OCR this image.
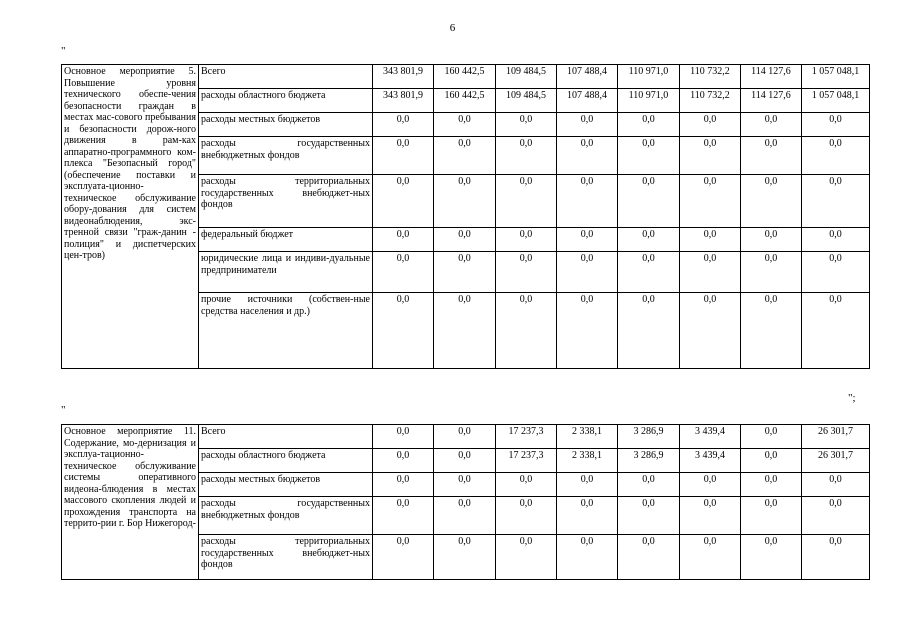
6
"
";
"
Основное мероприятие 5. Повышение уровня технического обеспе-чения безопасности граждан в местах мас-сового пребывания и безопасности дорож-ного движения в рам-ках аппаратно-программного ком-плекса "Безопасный город" (обеспечение поставки и эксплуата-ционно-техническое обслуживание обору-дования для систем видеонаблюдения, экс-тренной связи "граж-данин - полиция" и диспетчерских цен-тров)	Всего	343 801,9	160 442,5	109 484,5	107 488,4	110 971,0	110 732,2	114 127,6	1 057 048,1
	расходы областного бюджета	343 801,9	160 442,5	109 484,5	107 488,4	110 971,0	110 732,2	114 127,6	1 057 048,1
	расходы местных бюджетов	0,0	0,0	0,0	0,0	0,0	0,0	0,0	0,0
	расходы государственных внебюджетных фондов	0,0	0,0	0,0	0,0	0,0	0,0	0,0	0,0
	расходы территориальных государственных внебюджет-ных фондов	0,0	0,0	0,0	0,0	0,0	0,0	0,0	0,0
	федеральный бюджет	0,0	0,0	0,0	0,0	0,0	0,0	0,0	0,0
	юридические лица и индиви-дуальные предприниматели	0,0	0,0	0,0	0,0	0,0	0,0	0,0	0,0
	прочие источники (собствен-ные средства населения и др.)	0,0	0,0	0,0	0,0	0,0	0,0	0,0	0,0
Основное мероприятие 11. Содержание, мо-дернизация и эксплуа-тационно-техническое обслуживание системы оперативного видеона-блюдения в местах массового скопления людей и прохождения транспорта на террито-рии г. Бор Нижегород-	Всего	0,0	0,0	17 237,3	2 338,1	3 286,9	3 439,4	0,0	26 301,7
	расходы областного бюджета	0,0	0,0	17 237,3	2 338,1	3 286,9	3 439,4	0,0	26 301,7
	расходы местных бюджетов	0,0	0,0	0,0	0,0	0,0	0,0	0,0	0,0
	расходы государственных внебюджетных фондов	0,0	0,0	0,0	0,0	0,0	0,0	0,0	0,0
	расходы территориальных государственных внебюджет-ных фондов	0,0	0,0	0,0	0,0	0,0	0,0	0,0	0,0
